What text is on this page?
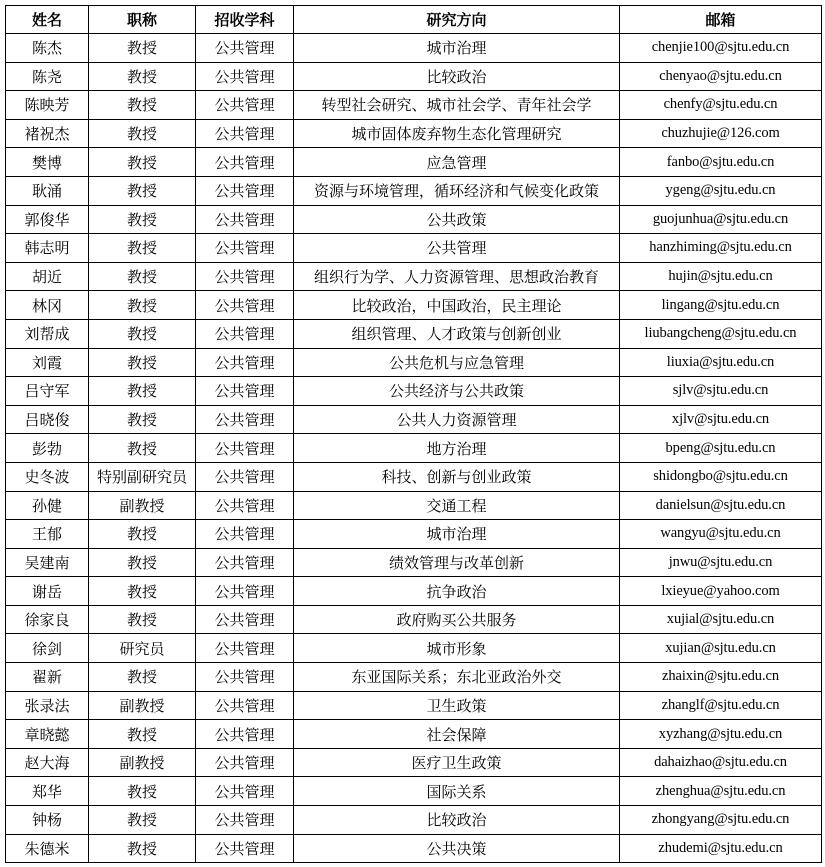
姓名	职称	招收学科	研究方向	邮箱
陈杰	教授	公共管理	城市治理	chenjie100@sjtu.edu.cn
陈尧	教授	公共管理	比较政治	chenyao@sjtu.edu.cn
陈映芳	教授	公共管理	转型社会研究、城市社会学、青年社会学	chenfy@sjtu.edu.cn
褚祝杰	教授	公共管理	城市固体废弃物生态化管理研究	chuzhujie@126.com
樊博	教授	公共管理	应急管理	fanbo@sjtu.edu.cn
耿涌	教授	公共管理	资源与环境管理，循环经济和气候变化政策	ygeng@sjtu.edu.cn
郭俊华	教授	公共管理	公共政策	guojunhua@sjtu.edu.cn
韩志明	教授	公共管理	公共管理	hanzhiming@sjtu.edu.cn
胡近	教授	公共管理	组织行为学、人力资源管理、思想政治教育	hujin@sjtu.edu.cn
林冈	教授	公共管理	比较政治，中国政治，民主理论	lingang@sjtu.edu.cn
刘帮成	教授	公共管理	组织管理、人才政策与创新创业	liubangcheng@sjtu.edu.cn
刘霞	教授	公共管理	公共危机与应急管理	liuxia@sjtu.edu.cn
吕守军	教授	公共管理	公共经济与公共政策	sjlv@sjtu.edu.cn
吕晓俊	教授	公共管理	公共人力资源管理	xjlv@sjtu.edu.cn
彭勃	教授	公共管理	地方治理	bpeng@sjtu.edu.cn
史冬波	特别副研究员	公共管理	科技、创新与创业政策	shidongbo@sjtu.edu.cn
孙健	副教授	公共管理	交通工程	danielsun@sjtu.edu.cn
王郁	教授	公共管理	城市治理	wangyu@sjtu.edu.cn
吴建南	教授	公共管理	绩效管理与改革创新	jnwu@sjtu.edu.cn
谢岳	教授	公共管理	抗争政治	lxieyue@yahoo.com
徐家良	教授	公共管理	政府购买公共服务	xujial@sjtu.edu.cn
徐剑	研究员	公共管理	城市形象	xujian@sjtu.edu.cn
翟新	教授	公共管理	东亚国际关系；东北亚政治外交	zhaixin@sjtu.edu.cn
张录法	副教授	公共管理	卫生政策	zhanglf@sjtu.edu.cn
章晓懿	教授	公共管理	社会保障	xyzhang@sjtu.edu.cn
赵大海	副教授	公共管理	医疗卫生政策	dahaizhao@sjtu.edu.cn
郑华	教授	公共管理	国际关系	zhenghua@sjtu.edu.cn
钟杨	教授	公共管理	比较政治	zhongyang@sjtu.edu.cn
朱德米	教授	公共管理	公共决策	zhudemi@sjtu.edu.cn
